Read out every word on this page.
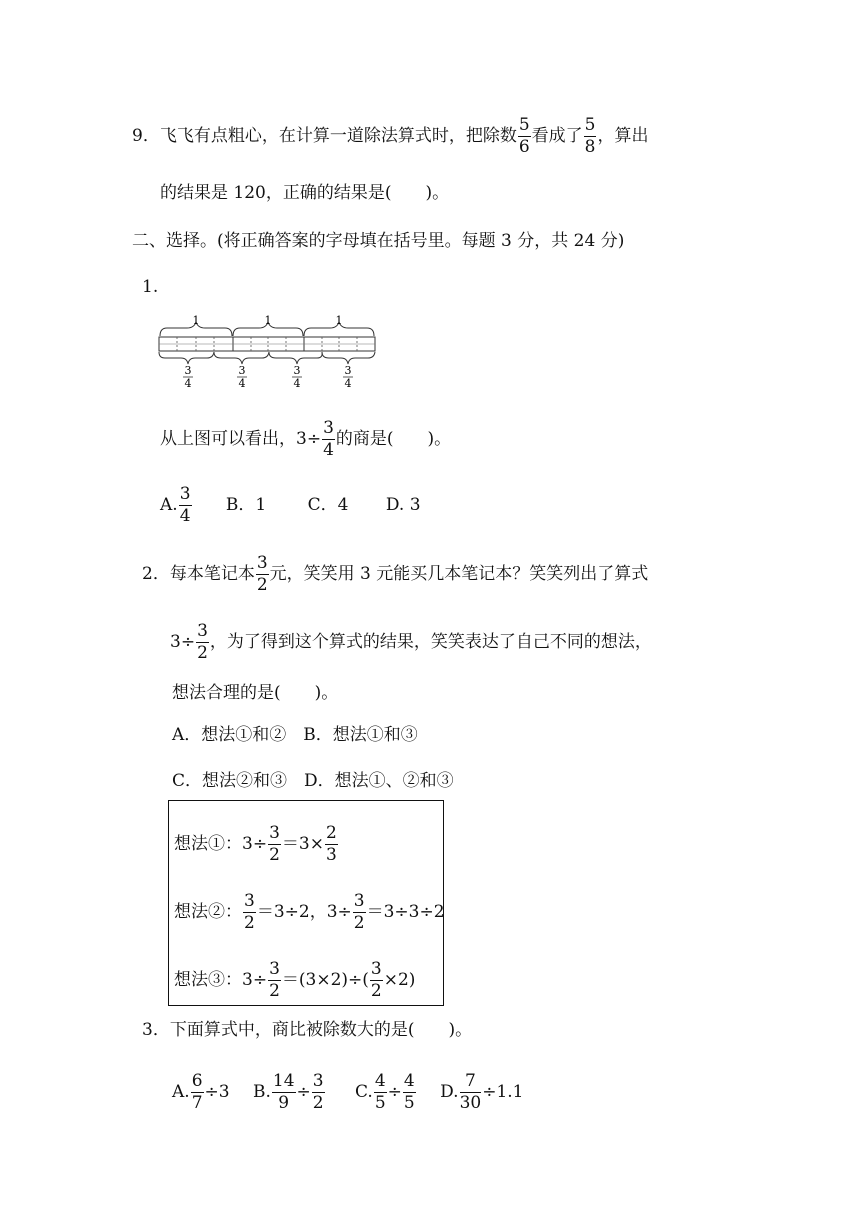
9．飞飞有点粗心，在计算一道除法算式时，把除数 $\frac{5}{6}$ 看成了 $\frac{5}{8}$ ，算出
的结果是 120，正确的结果是(　　)。
二、选择。(将正确答案的字母填在括号里。每题 3 分，共 24 分)
1.
1	1	1
3
4
3
4
3
4
3
4
从上图可以看出，$3\div \frac{3}{4}$ 的商是(　　)。
A. $\frac{3}{4}$ B．1 C．4 D. 3
2．每本笔记本 $\frac{3}{2}$ 元，笑笑用 3 元能买几本笔记本？笑笑列出了算式
$3\div \frac{3}{2}$ ，为了得到这个算式的结果，笑笑表达了自己不同的想法，
想法合理的是(　　)。
A．想法①和②　B．想法①和③
C．想法②和③　D．想法①、②和③
想法①：$3\div \frac{3}{2} =3\times \frac{2}{3}$
想法②： $\frac{3}{2} =3\div 2$，$3\div \frac{3}{2} =3\div 3\div 2$
想法③：$3\div \frac{3}{2} =(3\times 2)\div( \frac{3}{2} \times 2)$
3．下面算式中，商比被除数大的是(　　)。
A. $\frac{6}{7} \div 3$ B. $\frac{14}{9} \div \frac{3}{2} C$. $\frac{4}{5} \div \frac{4}{5} D$. $\frac{7}{30} \div 1.1$
